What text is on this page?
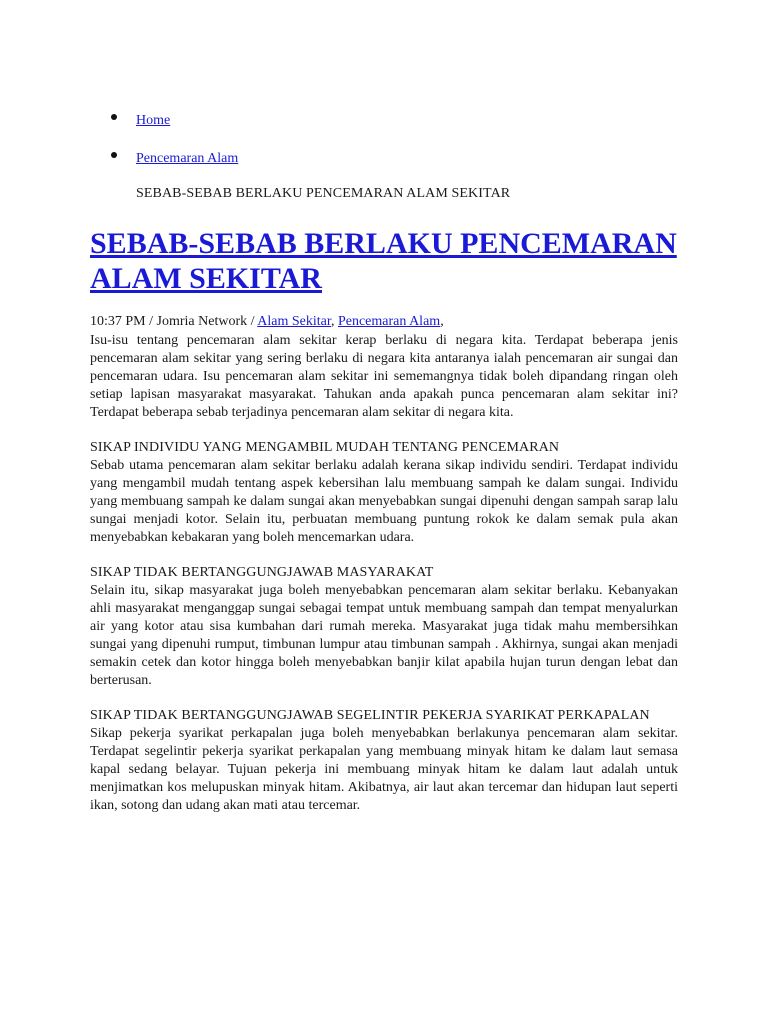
Home
Pencemaran Alam
SEBAB-SEBAB BERLAKU PENCEMARAN ALAM SEKITAR
SEBAB-SEBAB BERLAKU PENCEMARAN ALAM SEKITAR
10:37 PM / Jomria Network / Alam Sekitar, Pencemaran Alam,

Isu-isu tentang pencemaran alam sekitar kerap berlaku di negara kita. Terdapat beberapa jenis pencemaran alam sekitar yang sering berlaku di negara kita antaranya ialah pencemaran air sungai dan pencemaran udara. Isu pencemaran alam sekitar ini sememangnya tidak boleh dipandang ringan oleh setiap lapisan masyarakat masyarakat. Tahukan anda apakah punca pencemaran alam sekitar ini? Terdapat beberapa sebab terjadinya pencemaran alam sekitar di negara kita.

SIKAP INDIVIDU YANG MENGAMBIL MUDAH TENTANG PENCEMARAN

Sebab utama pencemaran alam sekitar berlaku adalah kerana sikap individu sendiri. Terdapat individu yang mengambil mudah tentang aspek kebersihan lalu membuang sampah ke dalam sungai. Individu yang membuang sampah ke dalam sungai akan menyebabkan sungai dipenuhi dengan sampah sarap lalu sungai menjadi kotor. Selain itu, perbuatan membuang puntung rokok ke dalam semak pula akan menyebabkan kebakaran yang boleh mencemarkan udara.

SIKAP TIDAK BERTANGGUNGJAWAB MASYARAKAT

Selain itu, sikap masyarakat juga boleh menyebabkan pencemaran alam sekitar berlaku. Kebanyakan ahli masyarakat menganggap sungai sebagai tempat untuk membuang sampah dan tempat menyalurkan air yang kotor atau sisa kumbahan dari rumah mereka. Masyarakat juga tidak mahu membersihkan sungai yang dipenuhi rumput, timbunan lumpur atau timbunan sampah . Akhirnya, sungai akan menjadi semakin cetek dan kotor hingga boleh menyebabkan banjir kilat apabila hujan turun dengan lebat dan berterusan.

SIKAP TIDAK BERTANGGUNGJAWAB SEGELINTIR PEKERJA SYARIKAT PERKAPALAN

Sikap pekerja syarikat perkapalan juga boleh menyebabkan berlakunya pencemaran alam sekitar. Terdapat segelintir pekerja syarikat perkapalan yang membuang minyak hitam ke dalam laut semasa kapal sedang belayar. Tujuan pekerja ini membuang minyak hitam ke dalam laut adalah untuk menjimatkan kos melupuskan minyak hitam. Akibatnya, air laut akan tercemar dan hidupan laut seperti ikan, sotong dan udang akan mati atau tercemar.
